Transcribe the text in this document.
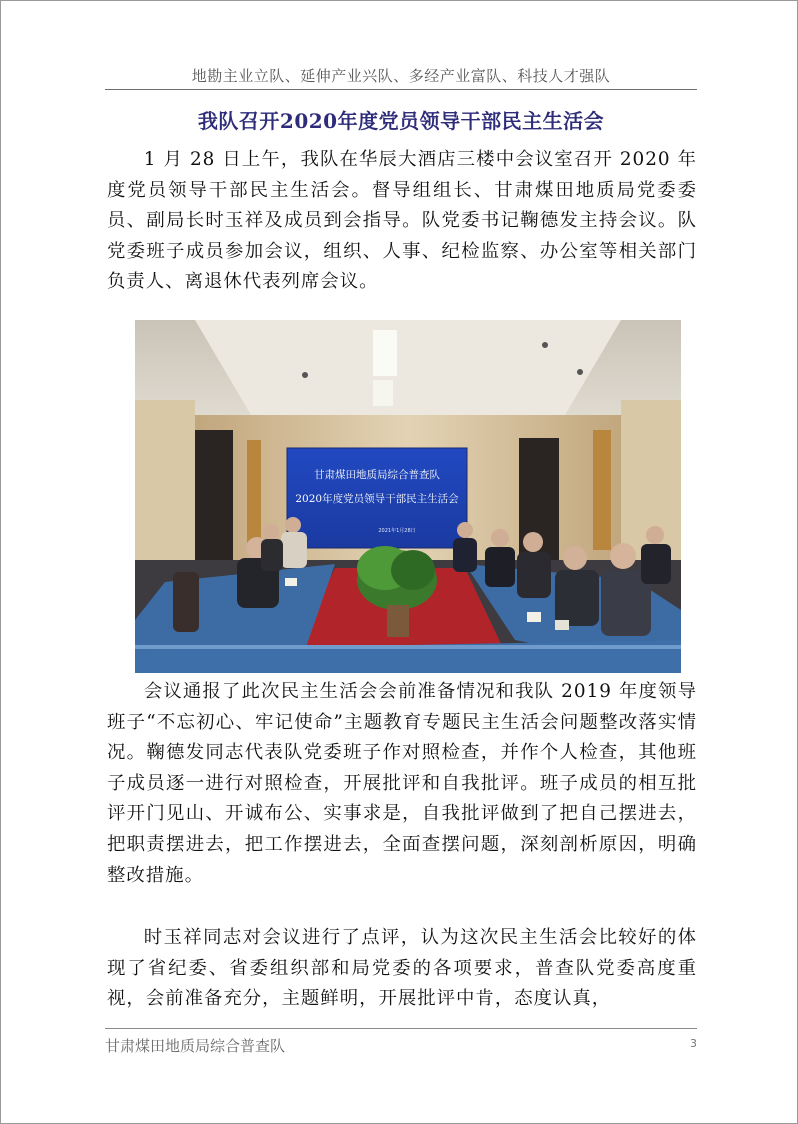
地勘主业立队、延伸产业兴队、多经产业富队、科技人才强队
我队召开2020年度党员领导干部民主生活会

1 月 28 日上午，我队在华辰大酒店三楼中会议室召开 2020 年度党员领导干部民主生活会。督导组组长、甘肃煤田地质局党委委员、副局长时玉祥及成员到会指导。队党委书记鞠德发主持会议。队党委班子成员参加会议，组织、人事、纪检监察、办公室等相关部门负责人、离退休代表列席会议。

甘肃煤田地质局综合普查队
2020年度党员领导干部民主生活会
2021年1月28日

会议通报了此次民主生活会会前准备情况和我队 2019 年度领导班子“不忘初心、牢记使命”主题教育专题民主生活会问题整改落实情况。鞠德发同志代表队党委班子作对照检查，并作个人检查，其他班子成员逐一进行对照检查，开展批评和自我批评。班子成员的相互批评开门见山、开诚布公、实事求是，自我批评做到了把自己摆进去，把职责摆进去，把工作摆进去，全面查摆问题，深刻剖析原因，明确整改措施。

时玉祥同志对会议进行了点评，认为这次民主生活会比较好的体现了省纪委、省委组织部和局党委的各项要求，普查队党委高度重视，会前准备充分，主题鲜明，开展批评中肯，态度认真，

甘肃煤田地质局综合普查队	3
